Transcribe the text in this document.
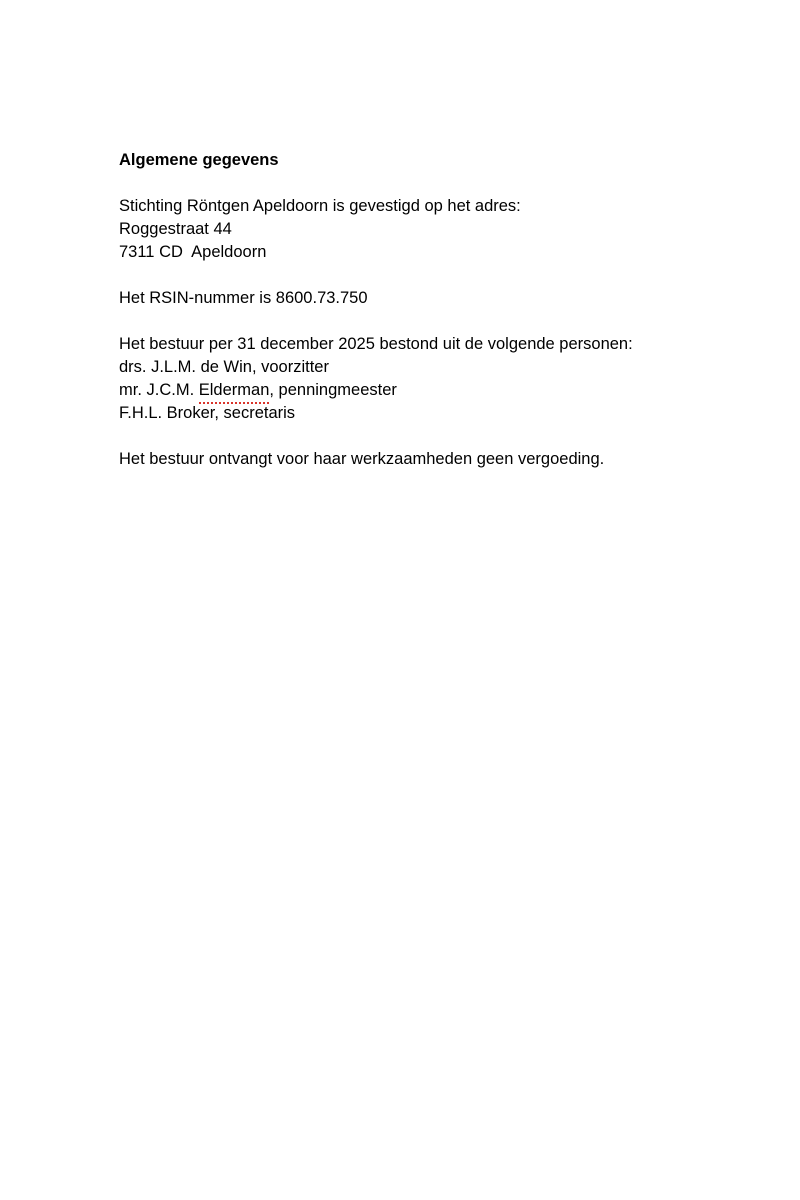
Algemene gegevens

Stichting Röntgen Apeldoorn is gevestigd op het adres:
Roggestraat 44
7311 CD  Apeldoorn

Het RSIN-nummer is 8600.73.750

Het bestuur per 31 december 2025 bestond uit de volgende personen:
drs. J.L.M. de Win, voorzitter
mr. J.C.M. Elderman, penningmeester
F.H.L. Broker, secretaris

Het bestuur ontvangt voor haar werkzaamheden geen vergoeding.
